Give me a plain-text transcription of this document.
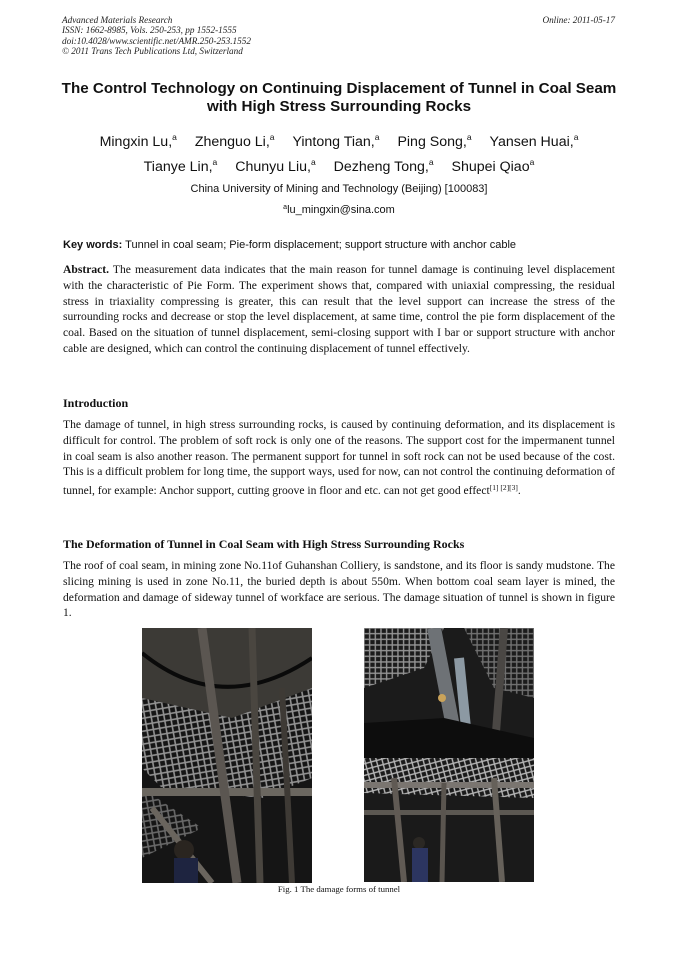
Advanced Materials Research
ISSN: 1662-8985, Vols. 250-253, pp 1552-1555
doi:10.4028/www.scientific.net/AMR.250-253.1552
© 2011 Trans Tech Publications Ltd, Switzerland
Online: 2011-05-17
The Control Technology on Continuing Displacement of Tunnel in Coal Seam with High Stress Surrounding Rocks
Mingxin Lu,$^a$ Zhenguo Li,$^a$ Yintong Tian,$^a$ Ping Song,$^a$ Yansen Huai,$^a$
Tianye Lin,$^a$ Chunyu Liu,$^a$ Dezheng Tong,$^a$ Shupei Qiao$^a$
China University of Mining and Technology (Beijing) [100083]
$^a$lu_mingxin@sina.com
Key words: Tunnel in coal seam; Pie-form displacement; support structure with anchor cable
Abstract. The measurement data indicates that the main reason for tunnel damage is continuing level displacement with the characteristic of Pie Form. The experiment shows that, compared with uniaxial compressing, the residual stress in triaxiality compressing is greater, this can result that the level support can increase the stress of the surrounding rocks and decrease or stop the level displacement, at same time, control the pie form displacement of the coal. Based on the situation of tunnel displacement, semi-closing support with I bar or support structure with anchor cable are designed, which can control the continuing displacement of tunnel effectively.
Introduction
The damage of tunnel, in high stress surrounding rocks, is caused by continuing deformation, and its displacement is difficult for control. The problem of soft rock is only one of the reasons. The support cost for the impermanent tunnel in coal seam is also another reason. The permanent support for tunnel in soft rock can not be used because of the cost. This is a difficult problem for long time, the support ways, used for now, can not control the continuing deformation of tunnel, for example: Anchor support, cutting groove in floor and etc. can not get good effect[1] [2][3].
The Deformation of Tunnel in Coal Seam with High Stress Surrounding Rocks
The roof of coal seam, in mining zone No.11of Guhanshan Colliery, is sandstone, and its floor is sandy mudstone. The slicing mining is used in zone No.11, the buried depth is about 550m. When bottom coal seam layer is mined, the deformation and damage of sideway tunnel of workface are serious. The damage situation of tunnel is shown in figure 1.
Fig. 1 The damage forms of tunnel
